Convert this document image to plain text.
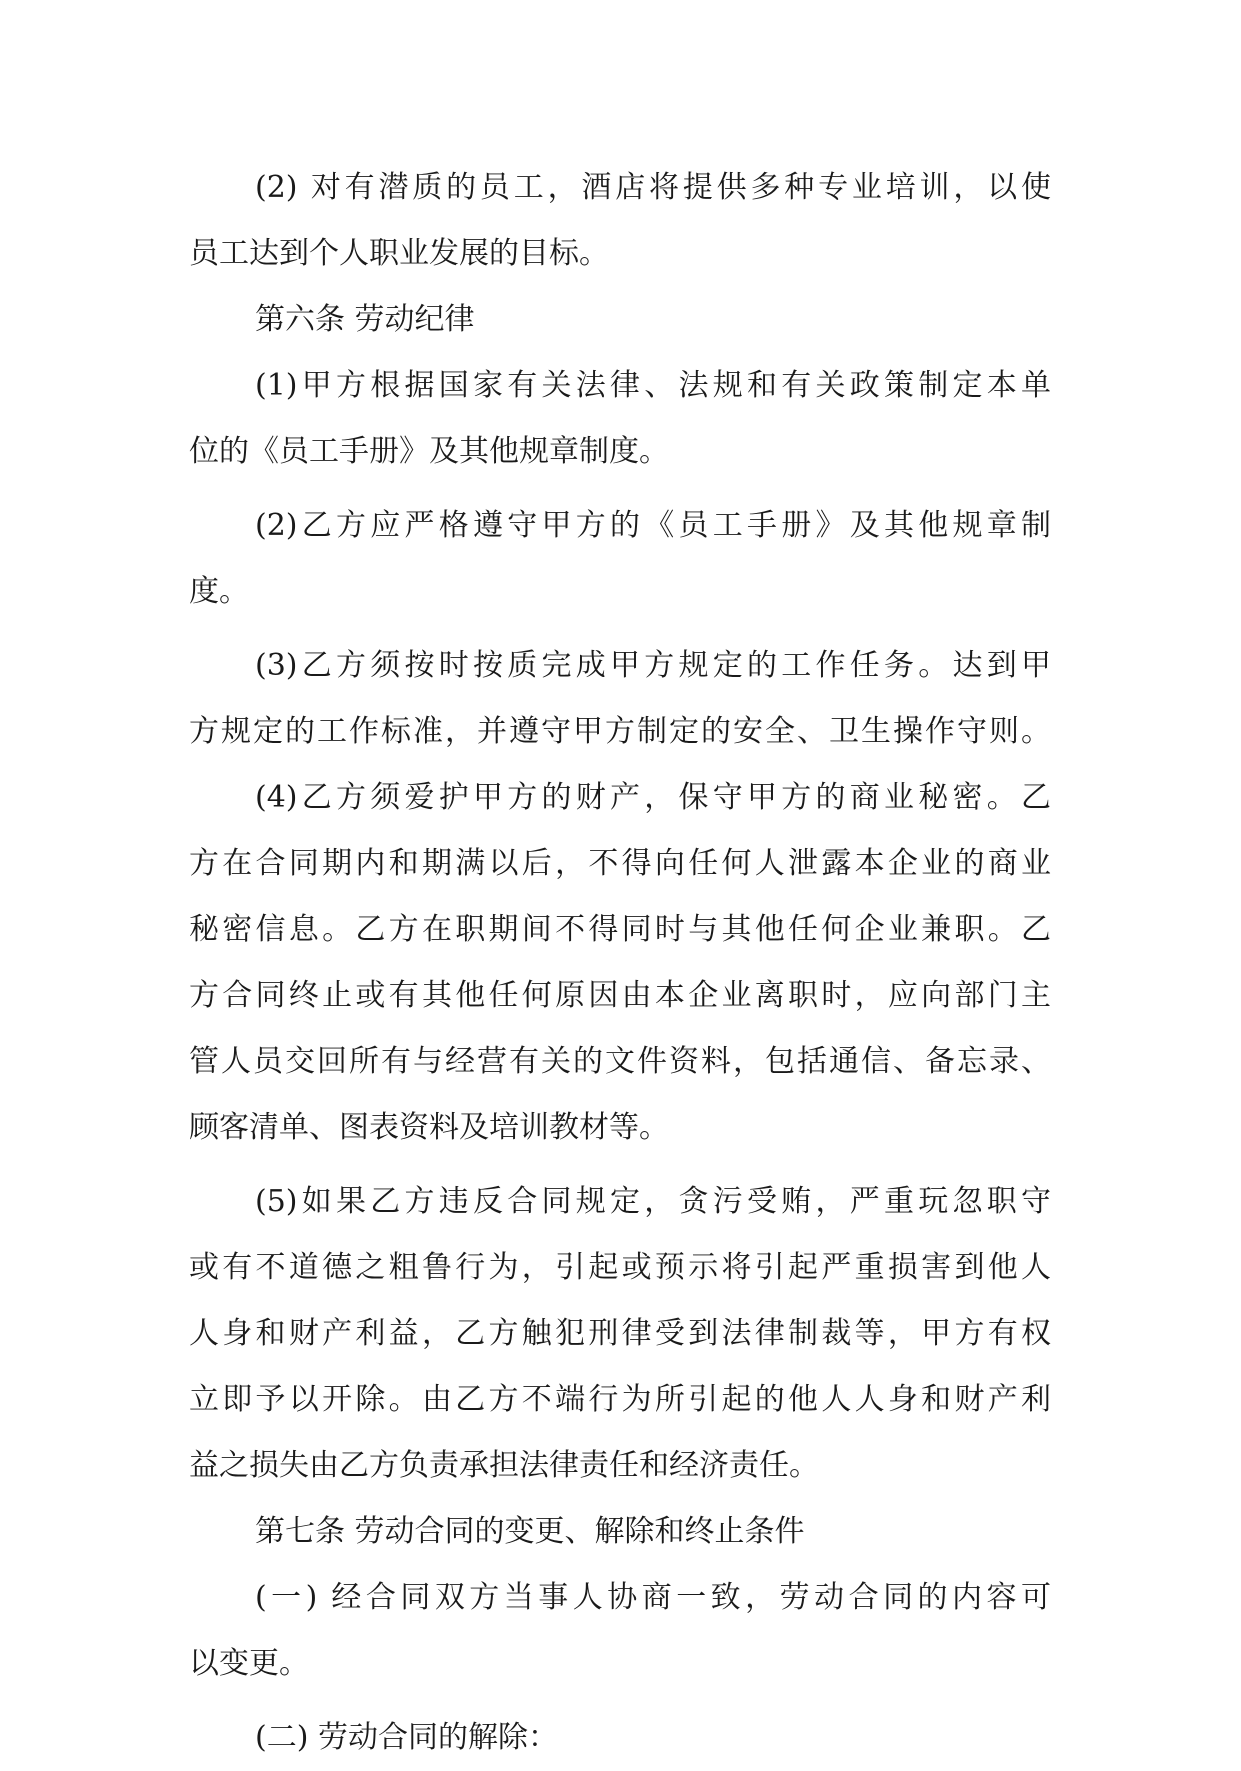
(2) 对有潜质的员工，酒店将提供多种专业培训，以使
员工达到个人职业发展的目标。
第六条 劳动纪律
(1)甲方根据国家有关法律、法规和有关政策制定本单
位的《员工手册》及其他规章制度。
(2)乙方应严格遵守甲方的《员工手册》及其他规章制
度。
(3)乙方须按时按质完成甲方规定的工作任务。达到甲
方规定的工作标准，并遵守甲方制定的安全、卫生操作守则。
(4)乙方须爱护甲方的财产，保守甲方的商业秘密。乙
方在合同期内和期满以后，不得向任何人泄露本企业的商业
秘密信息。乙方在职期间不得同时与其他任何企业兼职。乙
方合同终止或有其他任何原因由本企业离职时，应向部门主
管人员交回所有与经营有关的文件资料，包括通信、备忘录、
顾客清单、图表资料及培训教材等。
(5)如果乙方违反合同规定，贪污受贿，严重玩忽职守
或有不道德之粗鲁行为，引起或预示将引起严重损害到他人
人身和财产利益，乙方触犯刑律受到法律制裁等，甲方有权
立即予以开除。由乙方不端行为所引起的他人人身和财产利
益之损失由乙方负责承担法律责任和经济责任。
第七条 劳动合同的变更、解除和终止条件
(一) 经合同双方当事人协商一致，劳动合同的内容可
以变更。
(二) 劳动合同的解除：
